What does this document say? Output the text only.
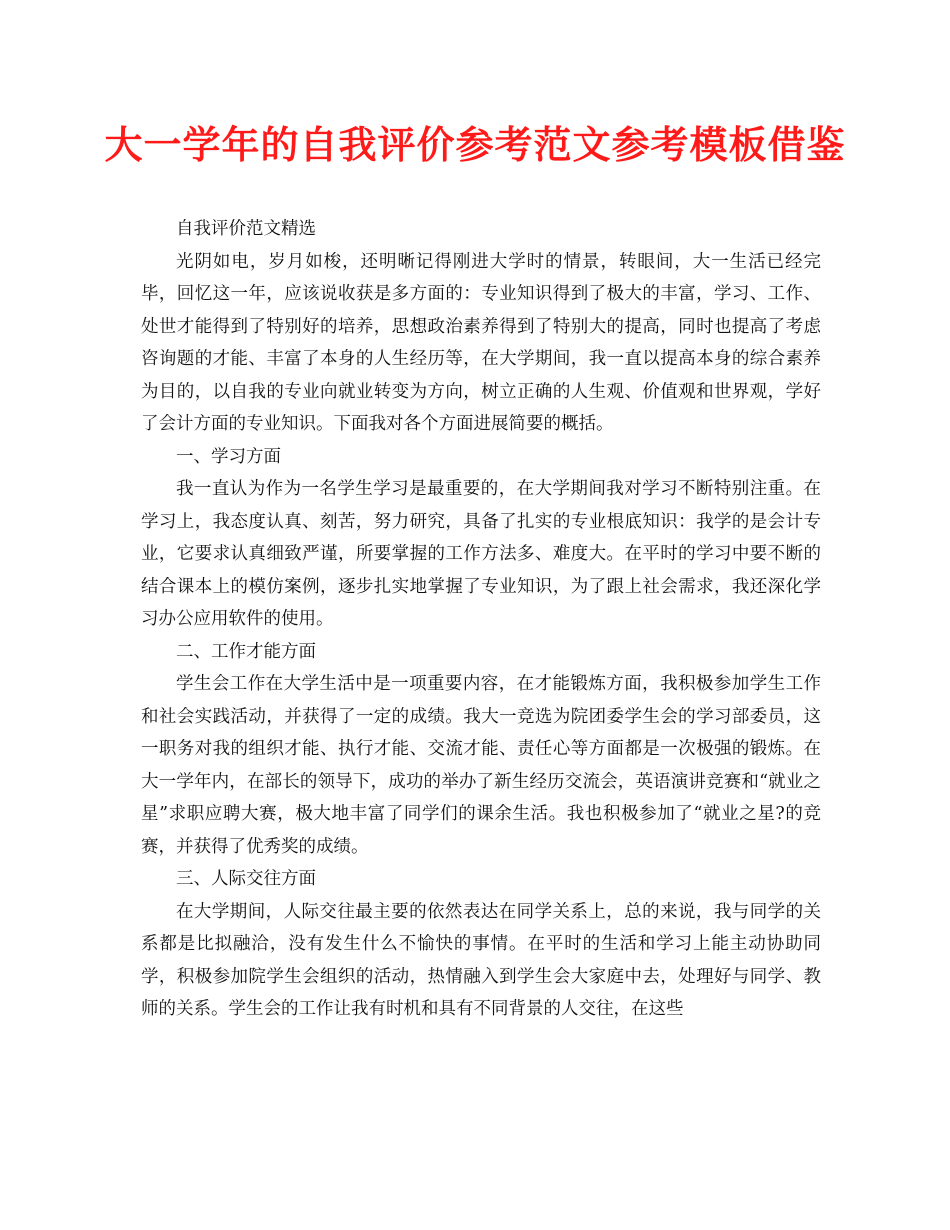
大一学年的自我评价参考范文参考模板借鉴

自我评价范文精选

光阴如电，岁月如梭，还明晰记得刚进大学时的情景，转眼间，大一生活已经完毕，回忆这一年，应该说收获是多方面的：专业知识得到了极大的丰富，学习、工作、处世才能得到了特别好的培养，思想政治素养得到了特别大的提高，同时也提高了考虑咨询题的才能、丰富了本身的人生经历等，在大学期间，我一直以提高本身的综合素养为目的，以自我的专业向就业转变为方向，树立正确的人生观、价值观和世界观，学好了会计方面的专业知识。下面我对各个方面进展简要的概括。

一、学习方面

我一直认为作为一名学生学习是最重要的，在大学期间我对学习不断特别注重。在学习上，我态度认真、刻苦，努力研究，具备了扎实的专业根底知识：我学的是会计专业，它要求认真细致严谨，所要掌握的工作方法多、难度大。在平时的学习中要不断的结合课本上的模仿案例，逐步扎实地掌握了专业知识，为了跟上社会需求，我还深化学习办公应用软件的使用。

二、工作才能方面

学生会工作在大学生活中是一项重要内容，在才能锻炼方面，我积极参加学生工作和社会实践活动，并获得了一定的成绩。我大一竞选为院团委学生会的学习部委员，这一职务对我的组织才能、执行才能、交流才能、责任心等方面都是一次极强的锻炼。在大一学年内，在部长的领导下，成功的举办了新生经历交流会，英语演讲竞赛和“就业之星”求职应聘大赛，极大地丰富了同学们的课余生活。我也积极参加了“就业之星?的竞赛，并获得了优秀奖的成绩。

三、人际交往方面

在大学期间，人际交往最主要的依然表达在同学关系上，总的来说，我与同学的关系都是比拟融洽，没有发生什么不愉快的事情。在平时的生活和学习上能主动协助同学，积极参加院学生会组织的活动，热情融入到学生会大家庭中去，处理好与同学、教师的关系。学生会的工作让我有时机和具有不同背景的人交往，在这些
